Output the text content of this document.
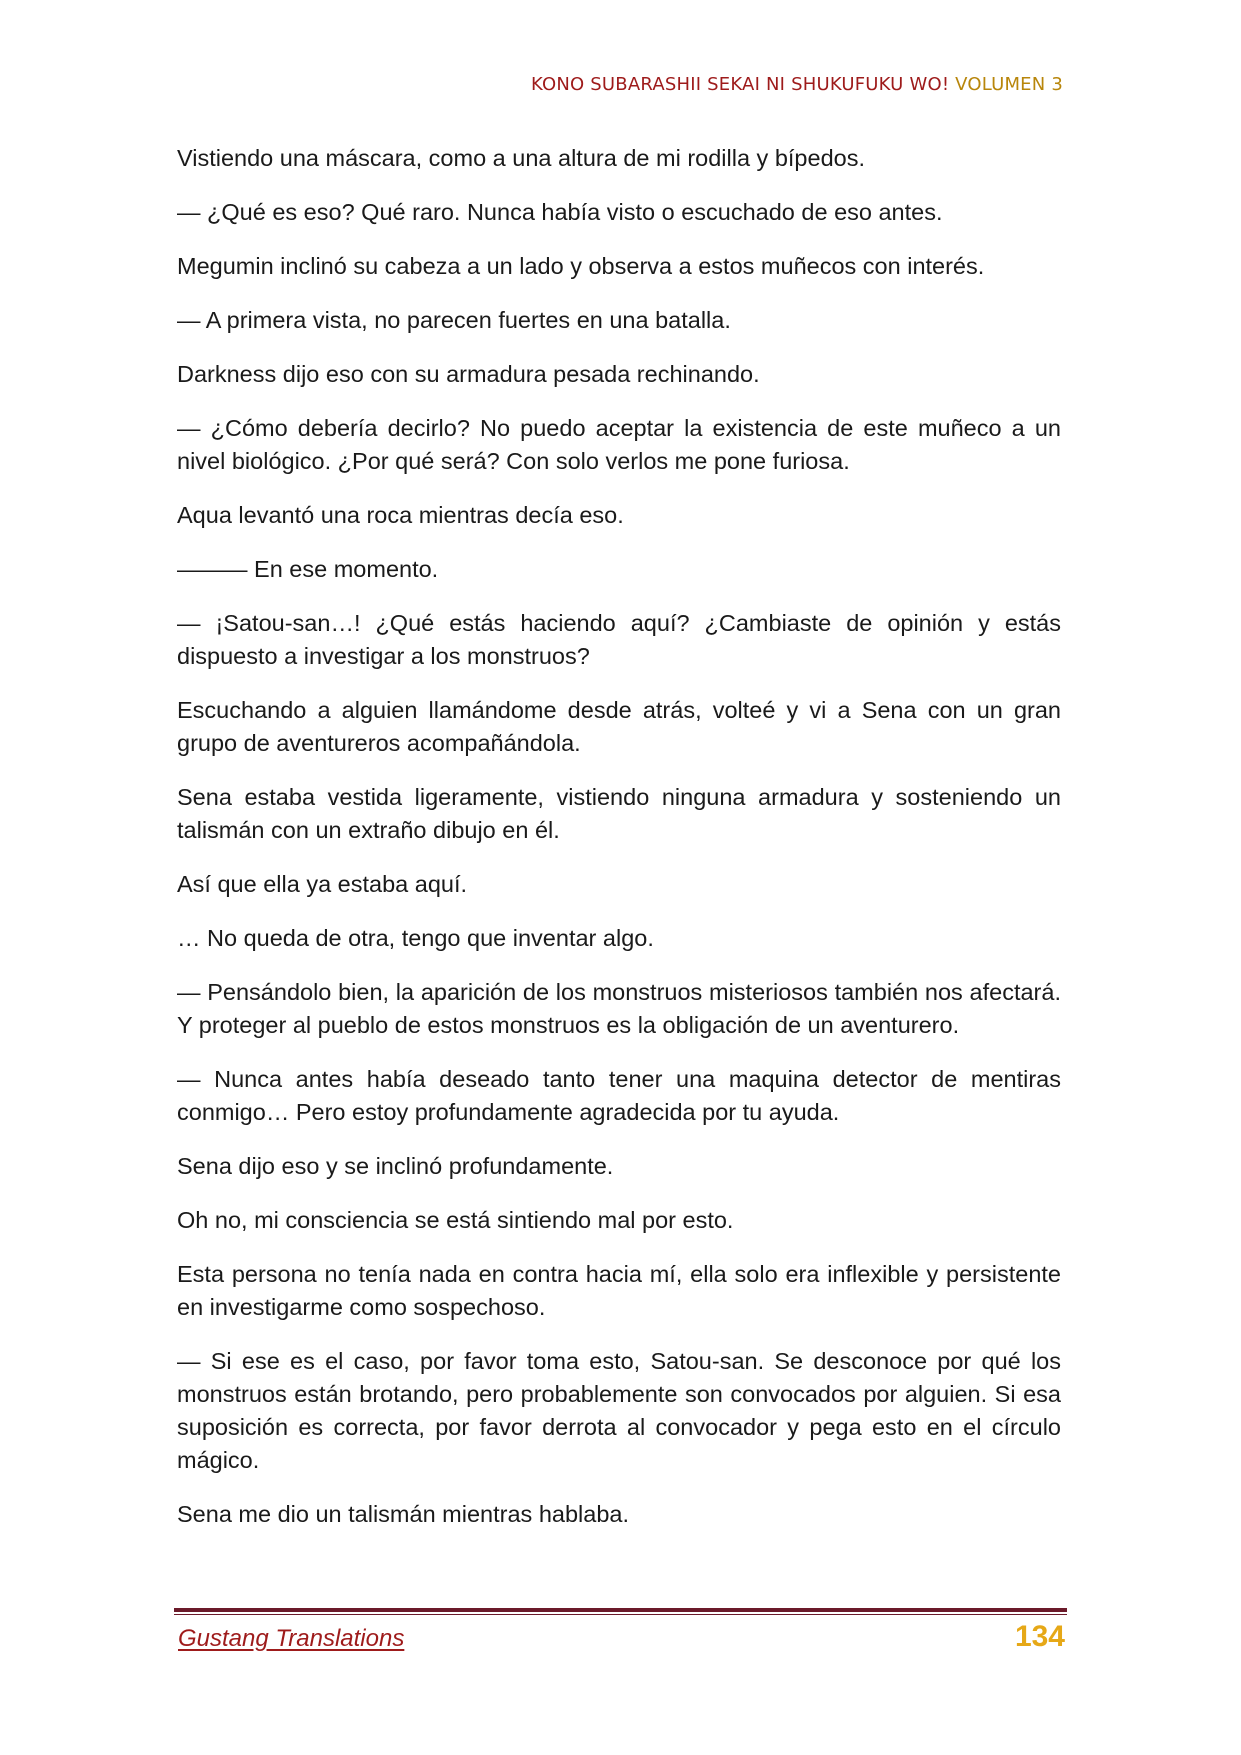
KONO SUBARASHII SEKAI NI SHUKUFUKU WO! VOLUMEN 3

Vistiendo una máscara, como a una altura de mi rodilla y bípedos.

— ¿Qué es eso? Qué raro. Nunca había visto o escuchado de eso antes.

Megumin inclinó su cabeza a un lado y observa a estos muñecos con interés.

— A primera vista, no parecen fuertes en una batalla.

Darkness dijo eso con su armadura pesada rechinando.

— ¿Cómo debería decirlo? No puedo aceptar la existencia de este muñeco a un nivel biológico. ¿Por qué será? Con solo verlos me pone furiosa.

Aqua levantó una roca mientras decía eso.

——— En ese momento.

— ¡Satou-san…! ¿Qué estás haciendo aquí? ¿Cambiaste de opinión y estás dispuesto a investigar a los monstruos?

Escuchando a alguien llamándome desde atrás, volteé y vi a Sena con un gran grupo de aventureros acompañándola.

Sena estaba vestida ligeramente, vistiendo ninguna armadura y sosteniendo un talismán con un extraño dibujo en él.

Así que ella ya estaba aquí.

… No queda de otra, tengo que inventar algo.

— Pensándolo bien, la aparición de los monstruos misteriosos también nos afectará. Y proteger al pueblo de estos monstruos es la obligación de un aventurero.

— Nunca antes había deseado tanto tener una maquina detector de mentiras conmigo… Pero estoy profundamente agradecida por tu ayuda.

Sena dijo eso y se inclinó profundamente.

Oh no, mi consciencia se está sintiendo mal por esto.

Esta persona no tenía nada en contra hacia mí, ella solo era inflexible y persistente en investigarme como sospechoso.

— Si ese es el caso, por favor toma esto, Satou-san. Se desconoce por qué los monstruos están brotando, pero probablemente son convocados por alguien. Si esa suposición es correcta, por favor derrota al convocador y pega esto en el círculo mágico.

Sena me dio un talismán mientras hablaba.

Gustang Translations	134
